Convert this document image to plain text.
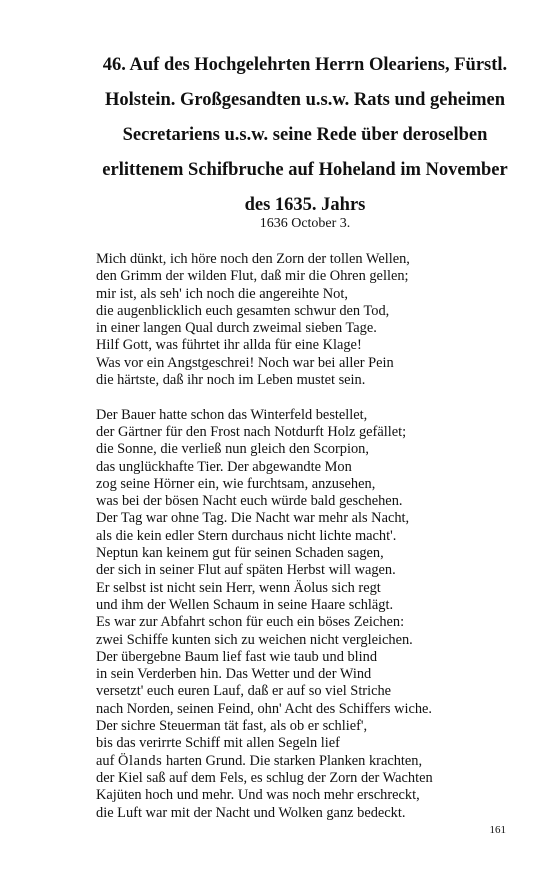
46. Auf des Hochgelehrten Herrn Oleariens, Fürstl.
Holstein. Großgesandten u.s.w. Rats und geheimen
Secretariens u.s.w. seine Rede über deroselben
erlittenem Schifbruche auf Hoheland im November
des 1635. Jahrs
1636 October 3.
Mich dünkt, ich höre noch den Zorn der tollen Wellen,
den Grimm der wilden Flut, daß mir die Ohren gellen;
mir ist, als seh' ich noch die angereihte Not,
die augenblicklich euch gesamten schwur den Tod,
in einer langen Qual durch zweimal sieben Tage.
Hilf Gott, was führtet ihr allda für eine Klage!
Was vor ein Angstgeschrei! Noch war bei aller Pein
die härtste, daß ihr noch im Leben mustet sein.
Der Bauer hatte schon das Winterfeld bestellet,
der Gärtner für den Frost nach Notdurft Holz gefället;
die Sonne, die verließ nun gleich den Scorpion,
das unglückhafte Tier. Der abgewandte Mon
zog seine Hörner ein, wie furchtsam, anzusehen,
was bei der bösen Nacht euch würde bald geschehen.
Der Tag war ohne Tag. Die Nacht war mehr als Nacht,
als die kein edler Stern durchaus nicht lichte macht'.
Neptun kan keinem gut für seinen Schaden sagen,
der sich in seiner Flut auf späten Herbst will wagen.
Er selbst ist nicht sein Herr, wenn Äolus sich regt
und ihm der Wellen Schaum in seine Haare schlägt.
Es war zur Abfahrt schon für euch ein böses Zeichen:
zwei Schiffe kunten sich zu weichen nicht vergleichen.
Der übergebne Baum lief fast wie taub und blind
in sein Verderben hin. Das Wetter und der Wind
versetzt' euch euren Lauf, daß er auf so viel Striche
nach Norden, seinen Feind, ohn' Acht des Schiffers wiche.
Der sichre Steuerman tät fast, als ob er schlief',
bis das verirrte Schiff mit allen Segeln lief
auf Ölands harten Grund. Die starken Planken krachten,
der Kiel saß auf dem Fels, es schlug der Zorn der Wachten
Kajüten hoch und mehr. Und was noch mehr erschreckt,
die Luft war mit der Nacht und Wolken ganz bedeckt.
161
